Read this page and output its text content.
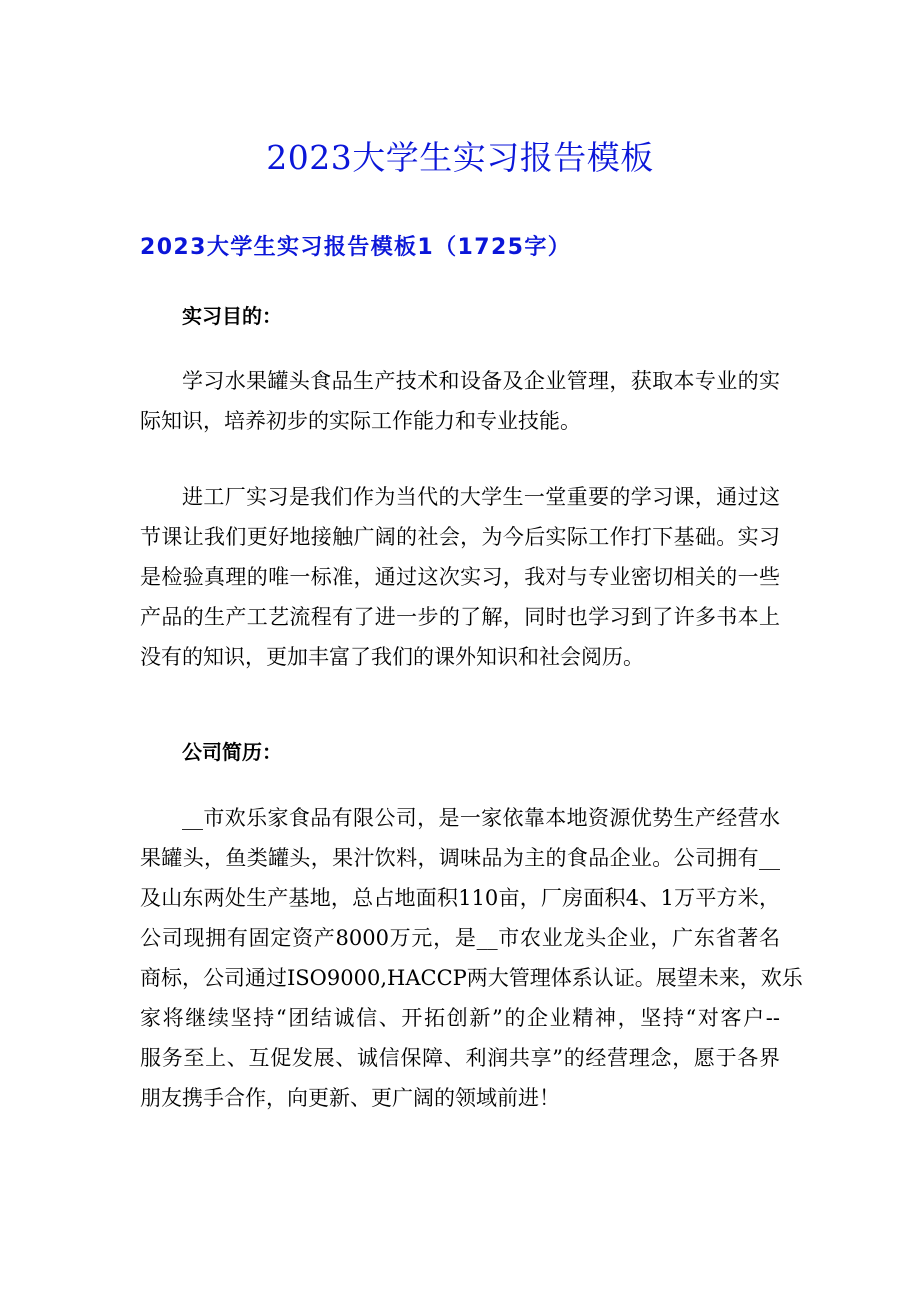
2023大学生实习报告模板
2023大学生实习报告模板1（1725字）

实习目的：

学习水果罐头食品生产技术和设备及企业管理，获取本专业的实
际知识，培养初步的实际工作能力和专业技能。

进工厂实习是我们作为当代的大学生一堂重要的学习课，通过这
节课让我们更好地接触广阔的社会，为今后实际工作打下基础。实习
是检验真理的唯一标准，通过这次实习，我对与专业密切相关的一些
产品的生产工艺流程有了进一步的了解，同时也学习到了许多书本上
没有的知识，更加丰富了我们的课外知识和社会阅历。

公司简历：

__市欢乐家食品有限公司，是一家依靠本地资源优势生产经营水
果罐头，鱼类罐头，果汁饮料，调味品为主的食品企业。公司拥有__
及山东两处生产基地，总占地面积110亩，厂房面积4、1万平方米，
公司现拥有固定资产8000万元，是__市农业龙头企业，广东省著名
商标，公司通过ISO9000,HACCP两大管理体系认证。展望未来，欢乐
家将继续坚持“团结诚信、开拓创新”的企业精神，坚持“对客户--
服务至上、互促发展、诚信保障、利润共享”的经营理念，愿于各界
朋友携手合作，向更新、更广阔的领域前进！
